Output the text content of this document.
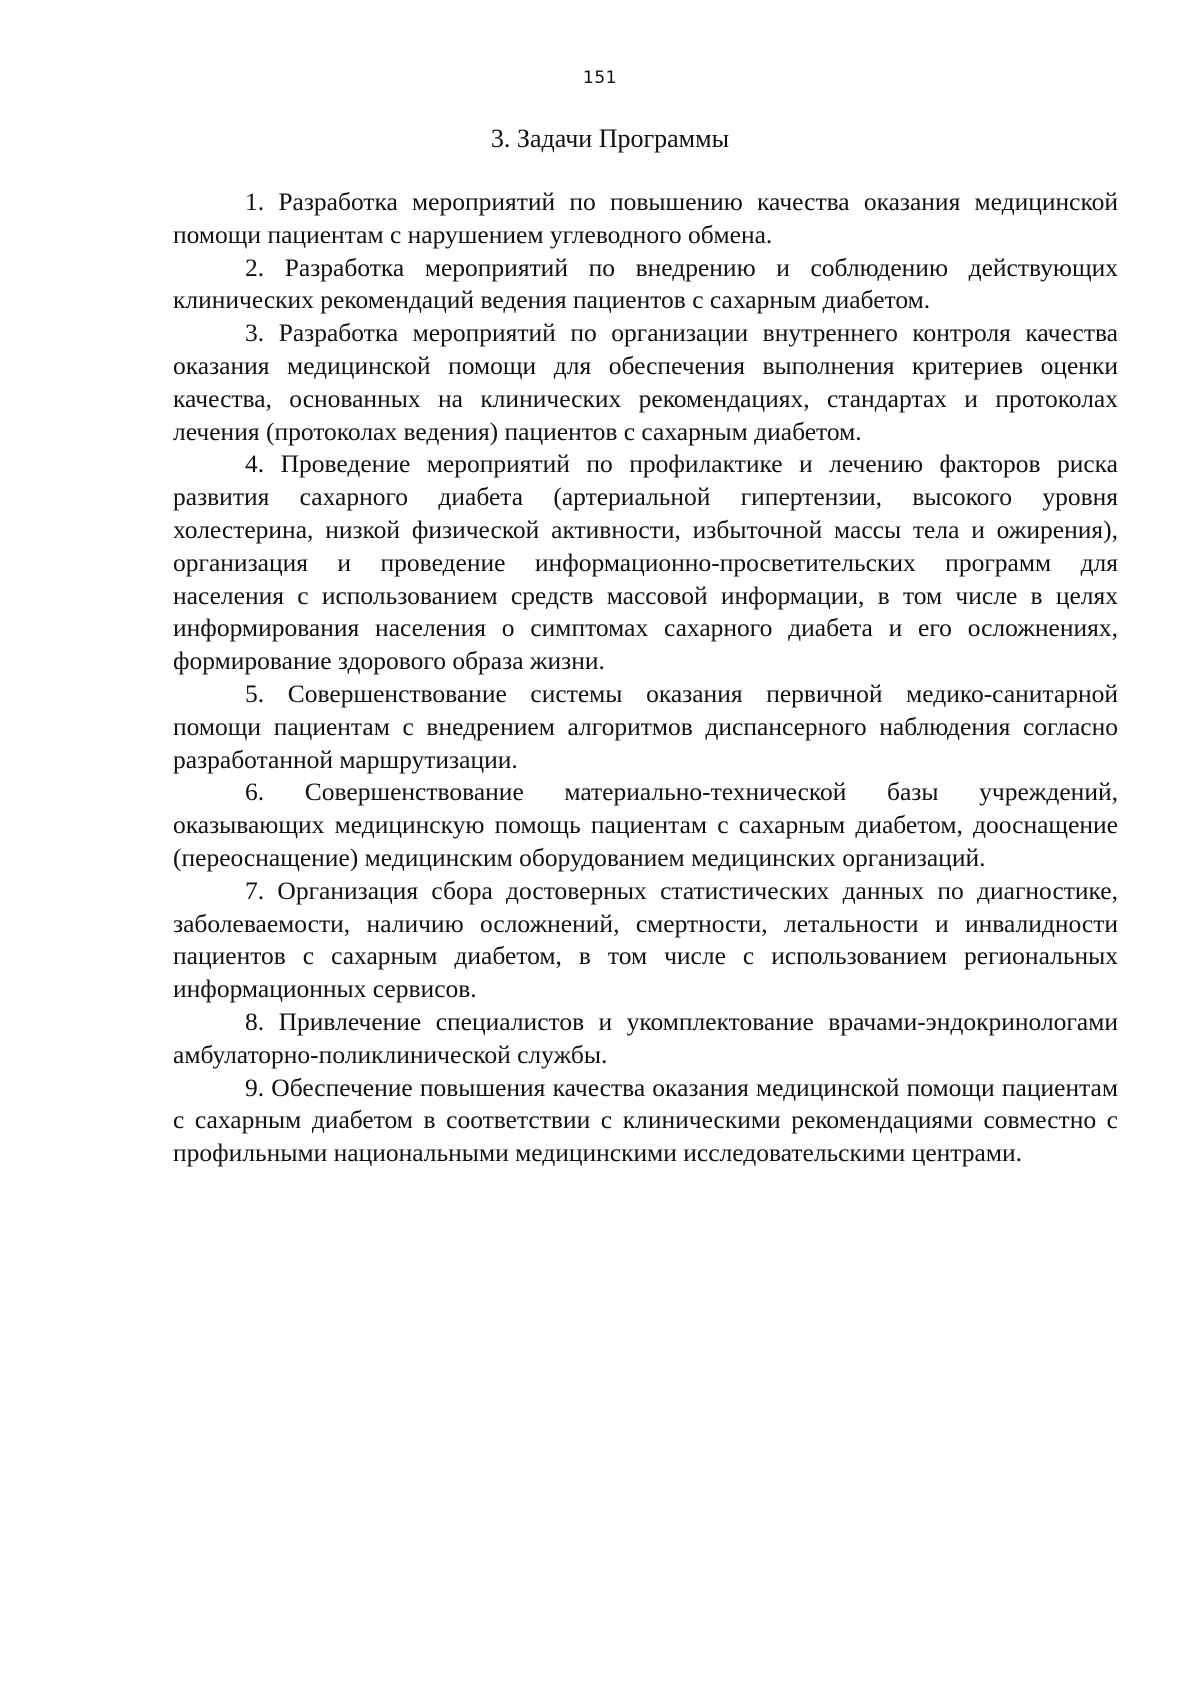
151
3. Задачи Программы
1. Разработка мероприятий по повышению качества оказания медицинской помощи пациентам с нарушением углеводного обмена.
2. Разработка мероприятий по внедрению и соблюдению действующих клинических рекомендаций ведения пациентов с сахарным диабетом.
3. Разработка мероприятий по организации внутреннего контроля качества оказания медицинской помощи для обеспечения выполнения критериев оценки качества, основанных на клинических рекомендациях, стандартах и протоколах лечения (протоколах ведения) пациентов с сахарным диабетом.
4. Проведение мероприятий по профилактике и лечению факторов риска развития сахарного диабета (артериальной гипертензии, высокого уровня холестерина, низкой физической активности, избыточной массы тела и ожирения), организация и проведение информационно-просветительских программ для населения с использованием средств массовой информации, в том числе в целях информирования населения о симптомах сахарного диабета и его осложнениях, формирование здорового образа жизни.
5. Совершенствование системы оказания первичной медико-санитарной помощи пациентам с внедрением алгоритмов диспансерного наблюдения согласно разработанной маршрутизации.
6. Совершенствование материально-технической базы учреждений, оказывающих медицинскую помощь пациентам с сахарным диабетом, дооснащение (переоснащение) медицинским оборудованием медицинских организаций.
7. Организация сбора достоверных статистических данных по диагностике, заболеваемости, наличию осложнений, смертности, летальности и инвалидности пациентов с сахарным диабетом, в том числе с использованием региональных информационных сервисов.
8. Привлечение специалистов и укомплектование врачами-эндокринологами амбулаторно-поликлинической службы.
9. Обеспечение повышения качества оказания медицинской помощи пациентам с сахарным диабетом в соответствии с клиническими рекомендациями совместно с профильными национальными медицинскими исследовательскими центрами.
